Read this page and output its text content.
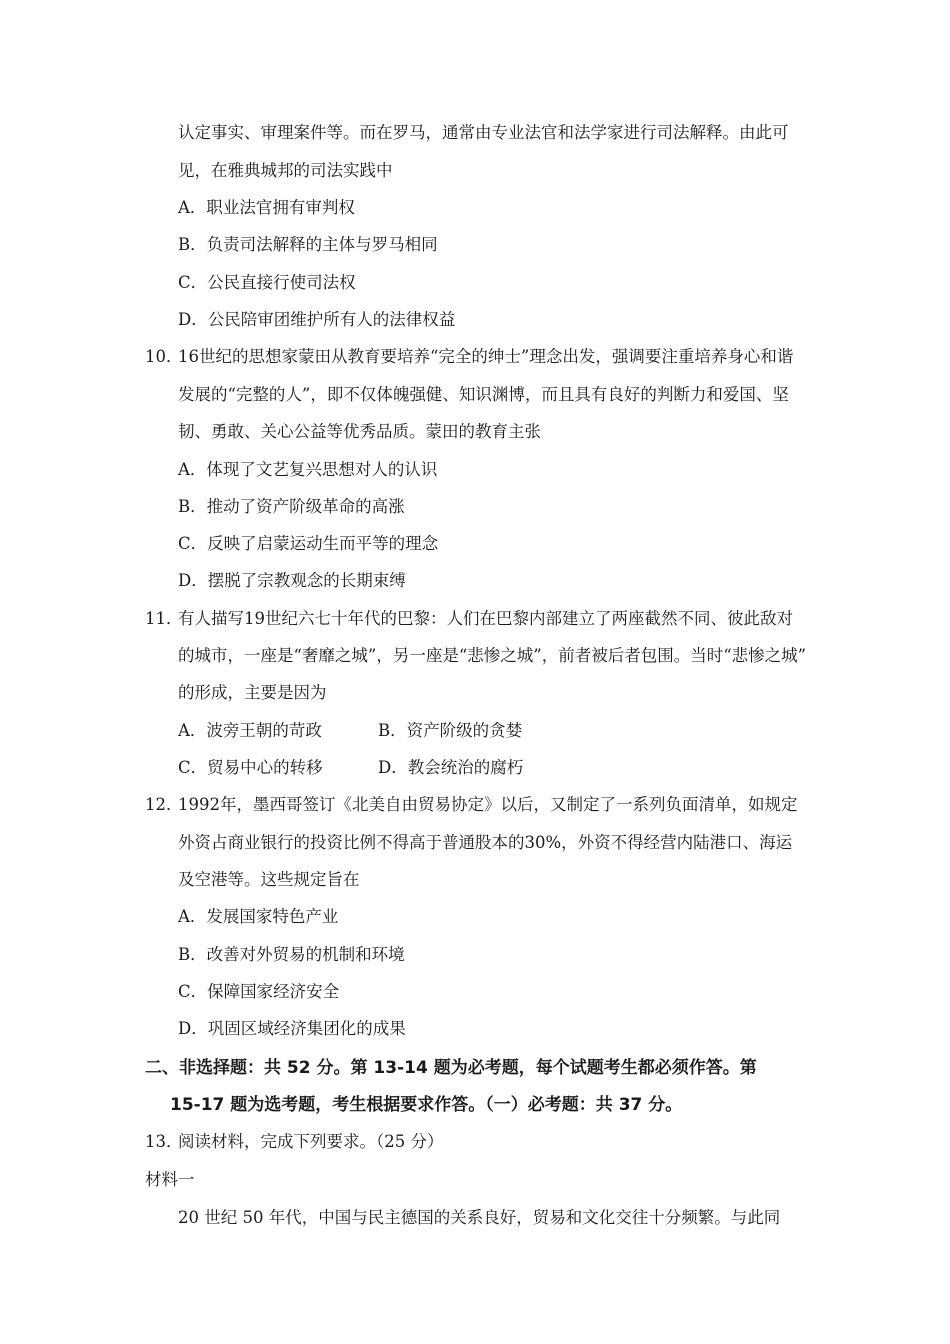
认定事实、审理案件等。而在罗马，通常由专业法官和法学家进行司法解释。由此可
见，在雅典城邦的司法实践中
A．职业法官拥有审判权
B．负责司法解释的主体与罗马相同
C．公民直接行使司法权
D．公民陪审团维护所有人的法律权益
10．
16世纪的思想家蒙田从教育要培养“完全的绅士”理念出发，强调要注重培养身心和谐
发展的“完整的人”，即不仅体魄强健、知识渊博，而且具有良好的判断力和爱国、坚
韧、勇敢、关心公益等优秀品质。蒙田的教育主张
A．体现了文艺复兴思想对人的认识
B．推动了资产阶级革命的高涨
C．反映了启蒙运动生而平等的理念
D．摆脱了宗教观念的长期束缚
11．
有人描写19世纪六七十年代的巴黎：人们在巴黎内部建立了两座截然不同、彼此敌对
的城市，一座是“奢靡之城”，另一座是“悲惨之城”，前者被后者包围。当时“悲惨之城”
的形成，主要是因为
A．波旁王朝的苛政	B．资产阶级的贪婪
C．贸易中心的转移	D．教会统治的腐朽
12．
1992年，墨西哥签订《北美自由贸易协定》以后，又制定了一系列负面清单，如规定
外资占商业银行的投资比例不得高于普通股本的30%，外资不得经营内陆港口、海运
及空港等。这些规定旨在
A．发展国家特色产业
B．改善对外贸易的机制和环境
C．保障国家经济安全
D．巩固区域经济集团化的成果
二、非选择题：共 52 分。第 13-14 题为必考题，每个试题考生都必须作答。第
15-17 题为选考题，考生根据要求作答。（一）必考题：共 37 分。
13．
阅读材料，完成下列要求。（25 分）
材料一
20 世纪 50 年代，中国与民主德国的关系良好，贸易和文化交往十分频繁。与此同
